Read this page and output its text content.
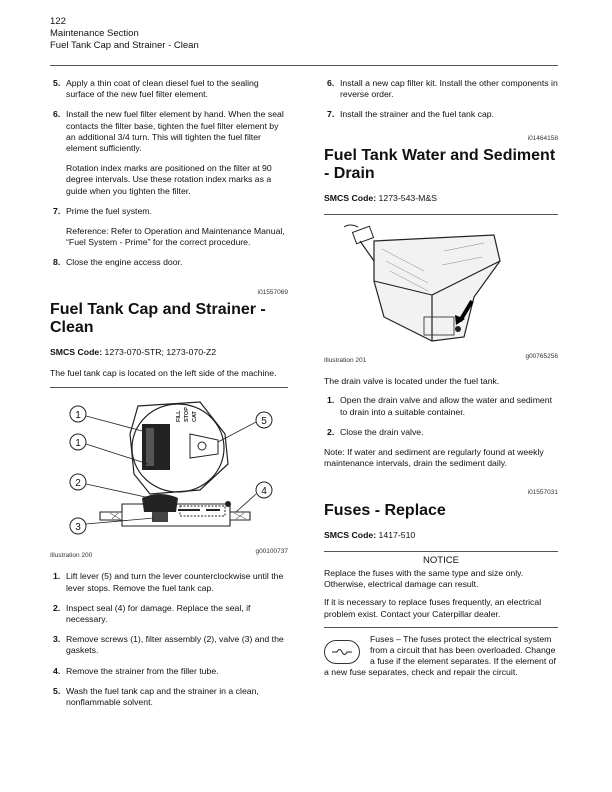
122
Maintenance Section
Fuel Tank Cap and Strainer - Clean
5. Apply a thin coat of clean diesel fuel to the sealing surface of the new fuel filter element.
6. Install the new fuel filter element by hand. When the seal contacts the filter base, tighten the fuel filter element by an additional 3/4 turn. This will tighten the fuel filter element sufficiently.
Rotation index marks are positioned on the filter at 90 degree intervals. Use these rotation index marks as a guide when you tighten the filter.
7. Prime the fuel system.
Reference: Refer to Operation and Maintenance Manual, “Fuel System - Prime” for the correct procedure.
8. Close the engine access door.
i01557069
Fuel Tank Cap and Strainer - Clean
SMCS Code: 1273-070-STR; 1273-070-Z2
The fuel tank cap is located on the left side of the machine.
FILL STOP CAT
1
1
2
3
4
5
Illustration 200
g00100737
1. Lift lever (5) and turn the lever counterclockwise until the lever stops. Remove the fuel tank cap.
2. Inspect seal (4) for damage. Replace the seal, if necessary.
3. Remove screws (1), filter assembly (2), valve (3) and the gaskets.
4. Remove the strainer from the filler tube.
5. Wash the fuel tank cap and the strainer in a clean, nonflammable solvent.
6. Install a new cap filter kit. Install the other components in reverse order.
7. Install the strainer and the fuel tank cap.
i01464158
Fuel Tank Water and Sediment - Drain
SMCS Code: 1273-543-M&S
Illustration 201
g00765256
The drain valve is located under the fuel tank.
1. Open the drain valve and allow the water and sediment to drain into a suitable container.
2. Close the drain valve.
Note: If water and sediment are regularly found at weekly maintenance intervals, drain the sediment daily.
i01557031
Fuses - Replace
SMCS Code: 1417-510
NOTICE
Replace the fuses with the same type and size only. Otherwise, electrical damage can result.
If it is necessary to replace fuses frequently, an electrical problem exist. Contact your Caterpillar dealer.
Fuses – The fuses protect the electrical system from a circuit that has been overloaded. Change a fuse if the element separates. If the element of a new fuse separates, check and repair the circuit.
